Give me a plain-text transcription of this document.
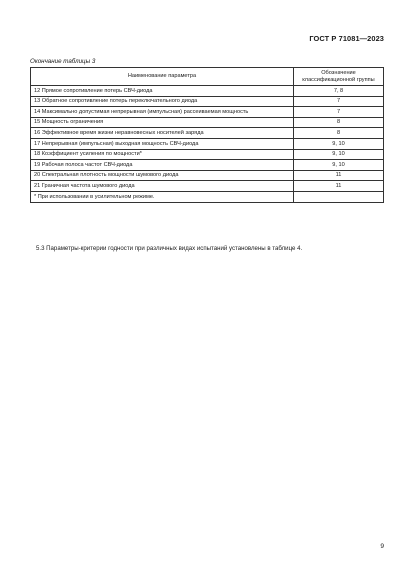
ГОСТ Р 71081—2023
Окончание таблицы 3
Наименование параметра	Обозначение
классификационной группы

12 Прямое сопротивление потерь СВЧ-диода	7, 8
13 Обратное сопротивление потерь переключательного диода	7
14 Максимально допустимая непрерывная (импульсная) рассеиваемая мощность	7
15 Мощность ограничения	8
16 Эффективное время жизни неравновесных носителей заряда	8
17 Непрерывная (импульсная) выходная мощность СВЧ-диода	9, 10
18 Коэффициент усиления по мощности*	9, 10
19 Рабочая полоса частот СВЧ-диода	9, 10
20 Спектральная плотность мощности шумового диода	11
21 Граничная частота шумового диода	11
* При использовании в усилительном режиме.	
5.3 Параметры-критерии годности при различных видах испытаний установлены в таблице 4.
9
